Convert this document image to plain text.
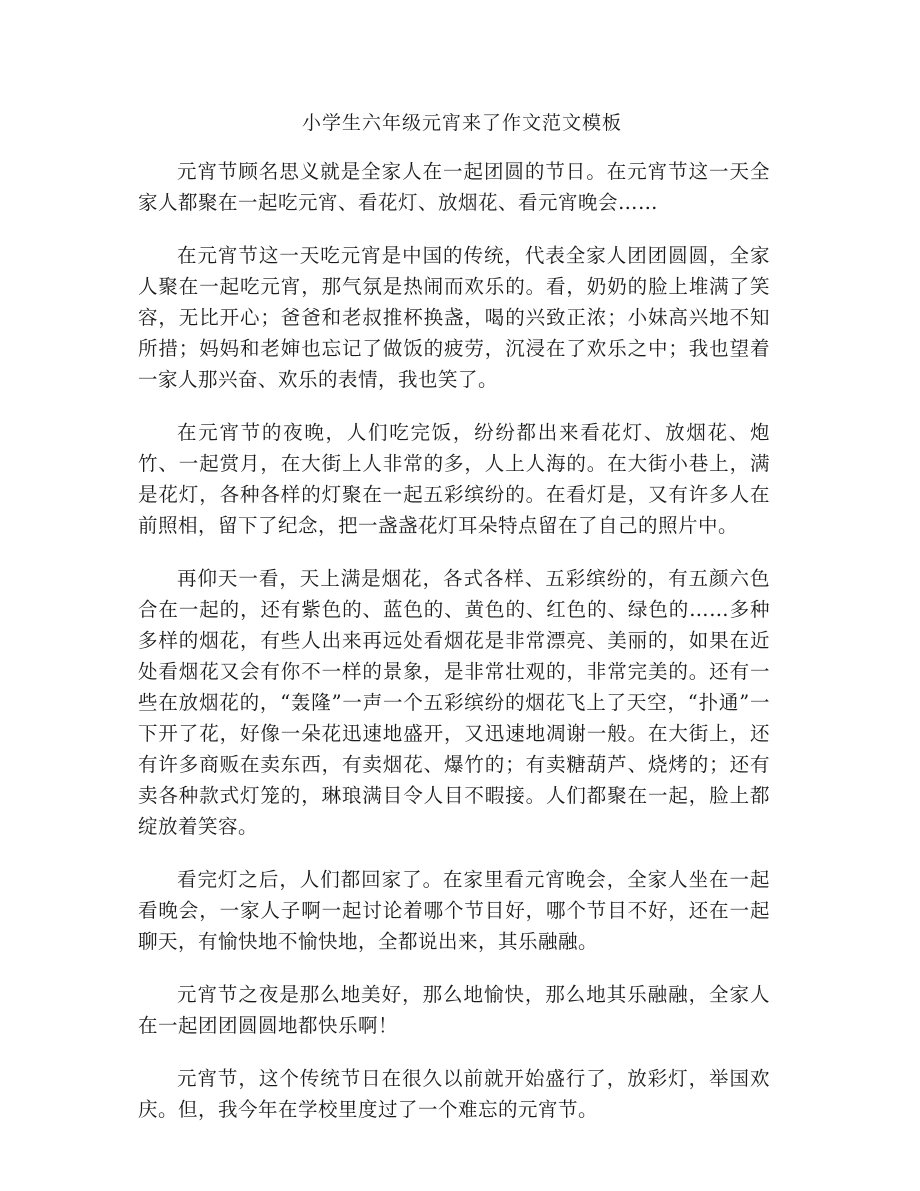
小学生六年级元宵来了作文范文模板

元宵节顾名思义就是全家人在一起团圆的节日。在元宵节这一天全家人都聚在一起吃元宵、看花灯、放烟花、看元宵晚会……

在元宵节这一天吃元宵是中国的传统，代表全家人团团圆圆，全家人聚在一起吃元宵，那气氛是热闹而欢乐的。看，奶奶的脸上堆满了笑容，无比开心；爸爸和老叔推杯换盏，喝的兴致正浓；小妹高兴地不知所措；妈妈和老婶也忘记了做饭的疲劳，沉浸在了欢乐之中；我也望着一家人那兴奋、欢乐的表情，我也笑了。

在元宵节的夜晚，人们吃完饭，纷纷都出来看花灯、放烟花、炮竹、一起赏月，在大街上人非常的多，人上人海的。在大街小巷上，满是花灯，各种各样的灯聚在一起五彩缤纷的。在看灯是，又有许多人在前照相，留下了纪念，把一盏盏花灯耳朵特点留在了自己的照片中。

再仰天一看，天上满是烟花，各式各样、五彩缤纷的，有五颜六色合在一起的，还有紫色的、蓝色的、黄色的、红色的、绿色的……多种多样的烟花，有些人出来再远处看烟花是非常漂亮、美丽的，如果在近处看烟花又会有你不一样的景象，是非常壮观的，非常完美的。还有一些在放烟花的，“轰隆”一声一个五彩缤纷的烟花飞上了天空，“扑通”一下开了花，好像一朵花迅速地盛开，又迅速地凋谢一般。在大街上，还有许多商贩在卖东西，有卖烟花、爆竹的；有卖糖葫芦、烧烤的；还有卖各种款式灯笼的，琳琅满目令人目不暇接。人们都聚在一起，脸上都绽放着笑容。

看完灯之后，人们都回家了。在家里看元宵晚会，全家人坐在一起看晚会，一家人子啊一起讨论着哪个节目好，哪个节目不好，还在一起聊天，有愉快地不愉快地，全都说出来，其乐融融。

元宵节之夜是那么地美好，那么地愉快，那么地其乐融融，全家人在一起团团圆圆地都快乐啊！

元宵节，这个传统节日在很久以前就开始盛行了，放彩灯，举国欢庆。但，我今年在学校里度过了一个难忘的元宵节。
